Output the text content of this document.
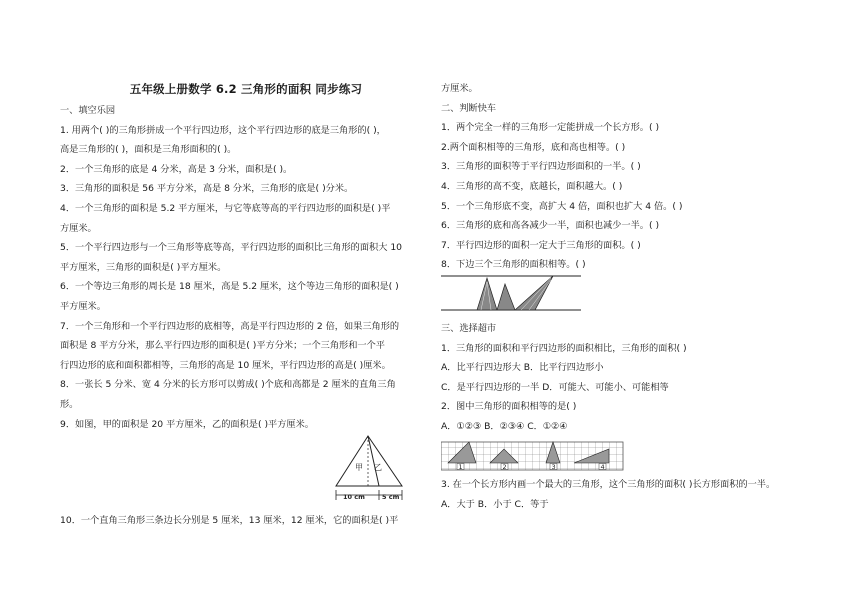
五年级上册数学 6.2 三角形的面积 同步练习
一、填空乐园
1. 用两个( )的三角形拼成一个平行四边形，这个平行四边形的底是三角形的( )，
高是三角形的( )，面积是三角形面积的( )。
2．一个三角形的底是 4 分米，高是 3 分米，面积是( )。
3．三角形的面积是 56 平方分米，高是 8 分米，三角形的底是( )分米。
4．一个三角形的面积是 5.2 平方厘米，与它等底等高的平行四边形的面积是( )平
方厘米。
5．一个平行四边形与一个三角形等底等高，平行四边形的面积比三角形的面积大 10
平方厘米，三角形的面积是( )平方厘米。
6．一个等边三角形的周长是 18 厘米，高是 5.2 厘米，这个等边三角形的面积是( )
平方厘米。
7．一个三角形和一个平行四边形的底相等，高是平行四边形的 2 倍，如果三角形的
面积是 8 平方分米，那么平行四边形的面积是( )平方分米；一个三角形和一个平
行四边形的底和面积都相等，三角形的高是 10 厘米，平行四边形的高是( )厘米。
8．一张长 5 分米、宽 4 分米的长方形可以剪成( )个底和高都是 2 厘米的直角三角
形。
9．如图，甲的面积是 20 平方厘米，乙的面积是( )平方厘米。
甲 乙
10 cm	5 cm
10．一个直角三角形三条边长分别是 5 厘米，13 厘米，12 厘米，它的面积是( )平
方厘米。
二、判断快车
1．两个完全一样的三角形一定能拼成一个长方形。( )
2.两个面积相等的三角形，底和高也相等。( )
3．三角形的面积等于平行四边形面积的一半。( )
4．三角形的高不变，底越长，面积越大。( )
5．一个三角形底不变，高扩大 4 倍，面积也扩大 4 倍。( )
6．三角形的底和高各减少一半，面积也减少一半。( )
7．平行四边形的面积一定大于三角形的面积。( )
8．下边三个三角形的面积相等。( )
三、选择超市
1．三角形的面积和平行四边形的面积相比，三角形的面积( )
A．比平行四边形大 B．比平行四边形小
C．是平行四边形的一半 D．可能大、可能小、可能相等
2．图中三角形的面积相等的是( )
A．①②③ B．②③④ C．①②④
1	2	3	4
3. 在一个长方形内画一个最大的三角形，这个三角形的面积( )长方形面积的一半。
A．大于 B．小于 C．等于
